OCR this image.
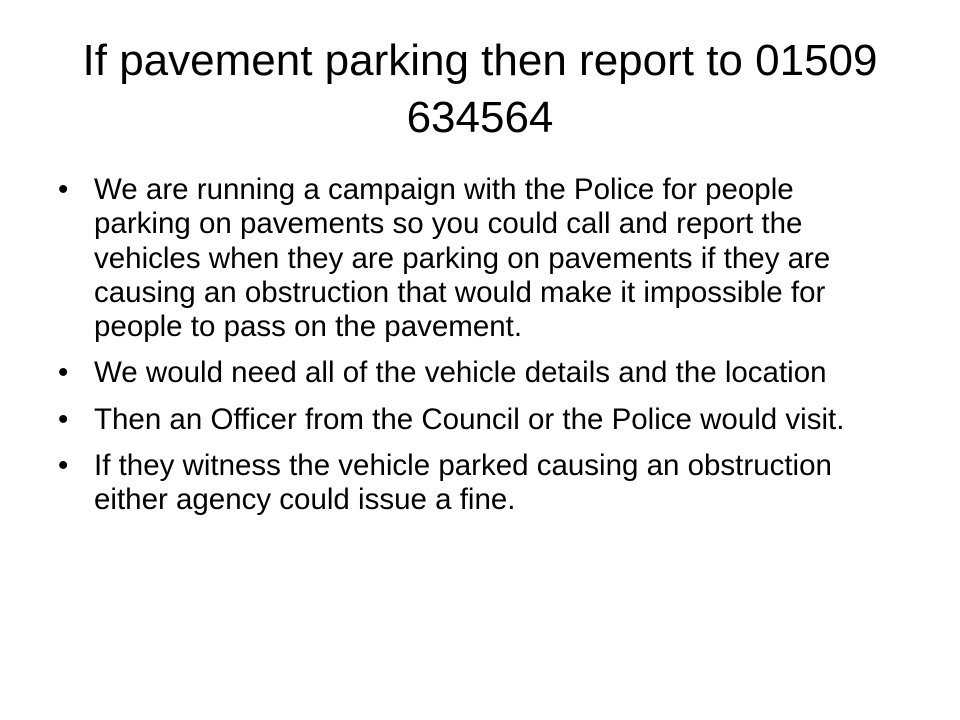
If pavement parking then report to 01509 634564
• We are running a campaign with the Police for people parking on pavements so you could call and report the vehicles when they are parking on pavements if they are causing an obstruction that would make it impossible for people to pass on the pavement.
• We would need all of the vehicle details and the location
• Then an Officer from the Council or the Police would visit.
• If they witness the vehicle parked causing an obstruction either agency could issue a fine.
